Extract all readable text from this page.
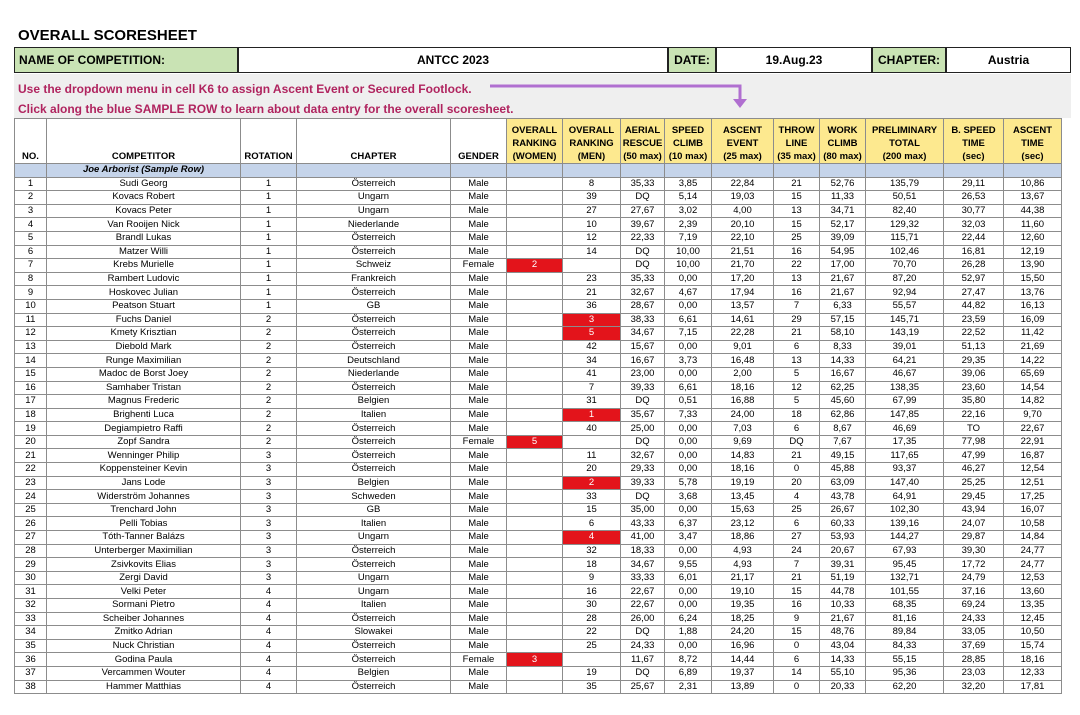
OVERALL SCORESHEET
NAME OF COMPETITION:	ANTCC 2023	DATE:	19.Aug.23	CHAPTER:	Austria
Use the dropdown menu in cell K6 to assign Ascent Event or Secured Footlock.
Click along the blue SAMPLE ROW to learn about data entry for the overall scoresheet.
NO.	COMPETITOR	ROTATION	CHAPTER	GENDER	OVERALL
RANKING
(WOMEN)	OVERALL
RANKING
(MEN)	AERIAL
RESCUE
(50 max)	SPEED
CLIMB
(10 max)	ASCENT
EVENT
(25 max)	THROW
LINE
(35 max)	WORK
CLIMB
(80 max)	PRELIMINARY
TOTAL
(200 max)	B. SPEED
TIME
(sec)	ASCENT
TIME
(sec)
	Joe Arborist (Sample Row)													
1	Sudi Georg	1	Österreich	Male		8	35,33	3,85	22,84	21	52,76	135,79	29,11	10,86
2	Kovacs Robert	1	Ungarn	Male		39	DQ	5,14	19,03	15	11,33	50,51	26,53	13,67
3	Kovacs Peter	1	Ungarn	Male		27	27,67	3,02	4,00	13	34,71	82,40	30,77	44,38
4	Van Rooijen Nick	1	Niederlande	Male		10	39,67	2,39	20,10	15	52,17	129,32	32,03	11,60
5	Brandl Lukas	1	Österreich	Male		12	22,33	7,19	22,10	25	39,09	115,71	22,44	12,60
6	Matzer Willi	1	Österreich	Male		14	DQ	10,00	21,51	16	54,95	102,46	16,81	12,19
7	Krebs Murielle	1	Schweiz	Female	2		DQ	10,00	21,70	22	17,00	70,70	26,28	13,90
8	Rambert Ludovic	1	Frankreich	Male		23	35,33	0,00	17,20	13	21,67	87,20	52,97	15,50
9	Hoskovec Julian	1	Österreich	Male		21	32,67	4,67	17,94	16	21,67	92,94	27,47	13,76
10	Peatson Stuart	1	GB	Male		36	28,67	0,00	13,57	7	6,33	55,57	44,82	16,13
11	Fuchs Daniel	2	Österreich	Male		3	38,33	6,61	14,61	29	57,15	145,71	23,59	16,09
12	Kmety Krisztian	2	Österreich	Male		5	34,67	7,15	22,28	21	58,10	143,19	22,52	11,42
13	Diebold Mark	2	Österreich	Male		42	15,67	0,00	9,01	6	8,33	39,01	51,13	21,69
14	Runge Maximilian	2	Deutschland	Male		34	16,67	3,73	16,48	13	14,33	64,21	29,35	14,22
15	Madoc de Borst Joey	2	Niederlande	Male		41	23,00	0,00	2,00	5	16,67	46,67	39,06	65,69
16	Samhaber Tristan	2	Österreich	Male		7	39,33	6,61	18,16	12	62,25	138,35	23,60	14,54
17	Magnus Frederic	2	Belgien	Male		31	DQ	0,51	16,88	5	45,60	67,99	35,80	14,82
18	Brighenti Luca	2	Italien	Male		1	35,67	7,33	24,00	18	62,86	147,85	22,16	9,70
19	Degiampietro Raffi	2	Österreich	Male		40	25,00	0,00	7,03	6	8,67	46,69	TO	22,67
20	Zopf Sandra	2	Österreich	Female	5		DQ	0,00	9,69	DQ	7,67	17,35	77,98	22,91
21	Wenninger Philip	3	Österreich	Male		11	32,67	0,00	14,83	21	49,15	117,65	47,99	16,87
22	Koppensteiner Kevin	3	Österreich	Male		20	29,33	0,00	18,16	0	45,88	93,37	46,27	12,54
23	Jans Lode	3	Belgien	Male		2	39,33	5,78	19,19	20	63,09	147,40	25,25	12,51
24	Widerström Johannes	3	Schweden	Male		33	DQ	3,68	13,45	4	43,78	64,91	29,45	17,25
25	Trenchard John	3	GB	Male		15	35,00	0,00	15,63	25	26,67	102,30	43,94	16,07
26	Pelli Tobias	3	Italien	Male		6	43,33	6,37	23,12	6	60,33	139,16	24,07	10,58
27	Tóth-Tanner Balázs	3	Ungarn	Male		4	41,00	3,47	18,86	27	53,93	144,27	29,87	14,84
28	Unterberger Maximilian	3	Österreich	Male		32	18,33	0,00	4,93	24	20,67	67,93	39,30	24,77
29	Zsivkovits Elias	3	Österreich	Male		18	34,67	9,55	4,93	7	39,31	95,45	17,72	24,77
30	Zergi David	3	Ungarn	Male		9	33,33	6,01	21,17	21	51,19	132,71	24,79	12,53
31	Velki Peter	4	Ungarn	Male		16	22,67	0,00	19,10	15	44,78	101,55	37,16	13,60
32	Sormani Pietro	4	Italien	Male		30	22,67	0,00	19,35	16	10,33	68,35	69,24	13,35
33	Scheiber Johannes	4	Österreich	Male		28	26,00	6,24	18,25	9	21,67	81,16	24,33	12,45
34	Zmitko Adrian	4	Slowakei	Male		22	DQ	1,88	24,20	15	48,76	89,84	33,05	10,50
35	Nuck Christian	4	Österreich	Male		25	24,33	0,00	16,96	0	43,04	84,33	37,69	15,74
36	Godina Paula	4	Österreich	Female	3		11,67	8,72	14,44	6	14,33	55,15	28,85	18,16
37	Vercammen Wouter	4	Belgien	Male		19	DQ	6,89	19,37	14	55,10	95,36	23,03	12,33
38	Hammer Matthias	4	Österreich	Male		35	25,67	2,31	13,89	0	20,33	62,20	32,20	17,81
